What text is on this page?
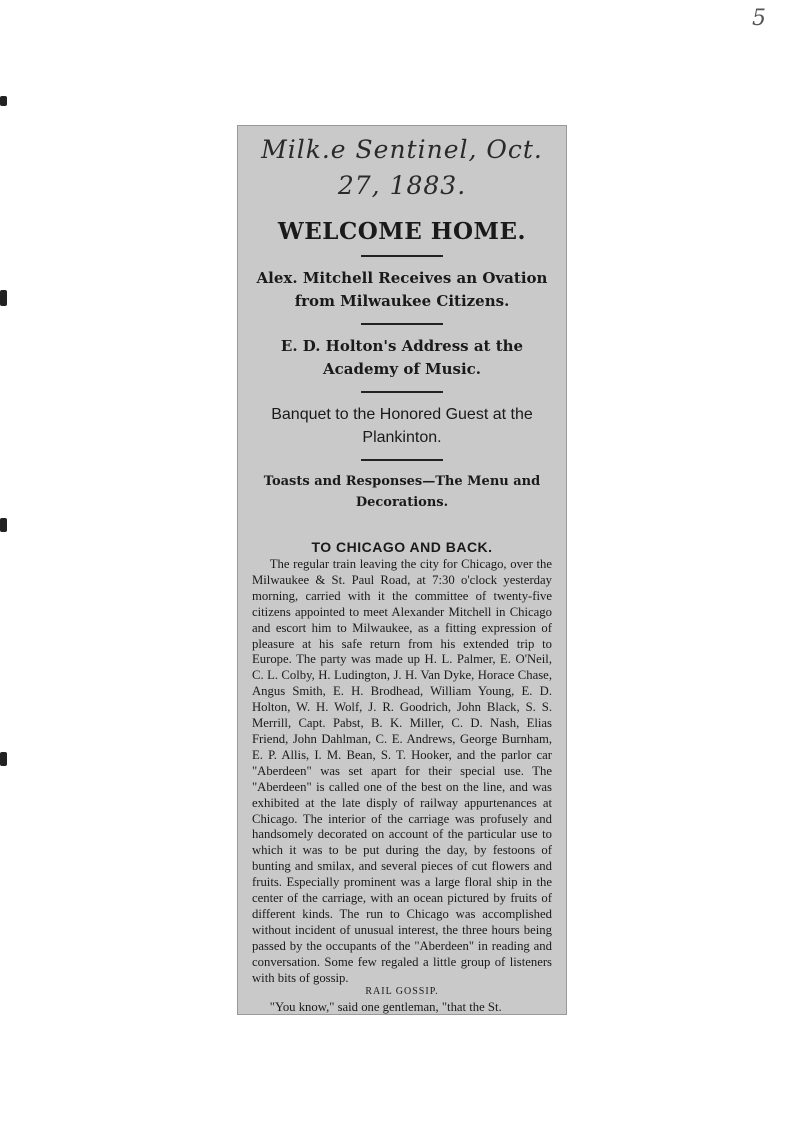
5

Milk.e Sentinel, Oct. 27, 1883.

WELCOME HOME.

Alex. Mitchell Receives an Ovation from Milwaukee Citizens.

E. D. Holton's Address at the Academy of Music.

Banquet to the Honored Guest at the Plankinton.

Toasts and Responses—The Menu and Decorations.

TO CHICAGO AND BACK.

The regular train leaving the city for Chicago, over the Milwaukee & St. Paul Road, at 7:30 o'clock yesterday morning, carried with it the committee of twenty-five citizens appointed to meet Alexander Mitchell in Chicago and escort him to Milwaukee, as a fitting expression of pleasure at his safe return from his extended trip to Europe. The party was made up H. L. Palmer, E. O'Neil, C. L. Colby, H. Ludington, J. H. Van Dyke, Horace Chase, Angus Smith, E. H. Brodhead, William Young, E. D. Holton, W. H. Wolf, J. R. Goodrich, John Black, S. S. Merrill, Capt. Pabst, B. K. Miller, C. D. Nash, Elias Friend, John Dahlman, C. E. Andrews, George Burnham, E. P. Allis, I. M. Bean, S. T. Hooker, and the parlor car "Aberdeen" was set apart for their special use. The "Aberdeen" is called one of the best on the line, and was exhibited at the late disply of railway appurtenances at Chicago. The interior of the carriage was profusely and handsomely decorated on account of the particular use to which it was to be put during the day, by festoons of bunting and smilax, and several pieces of cut flowers and fruits. Especially prominent was a large floral ship in the center of the carriage, with an ocean pictured by fruits of different kinds. The run to Chicago was accomplished without incident of unusual interest, the three hours being passed by the occupants of the "Aberdeen" in reading and conversation. Some few regaled a little group of listeners with bits of gossip.

RAIL GOSSIP.

"You know," said one gentleman, "that the St.
